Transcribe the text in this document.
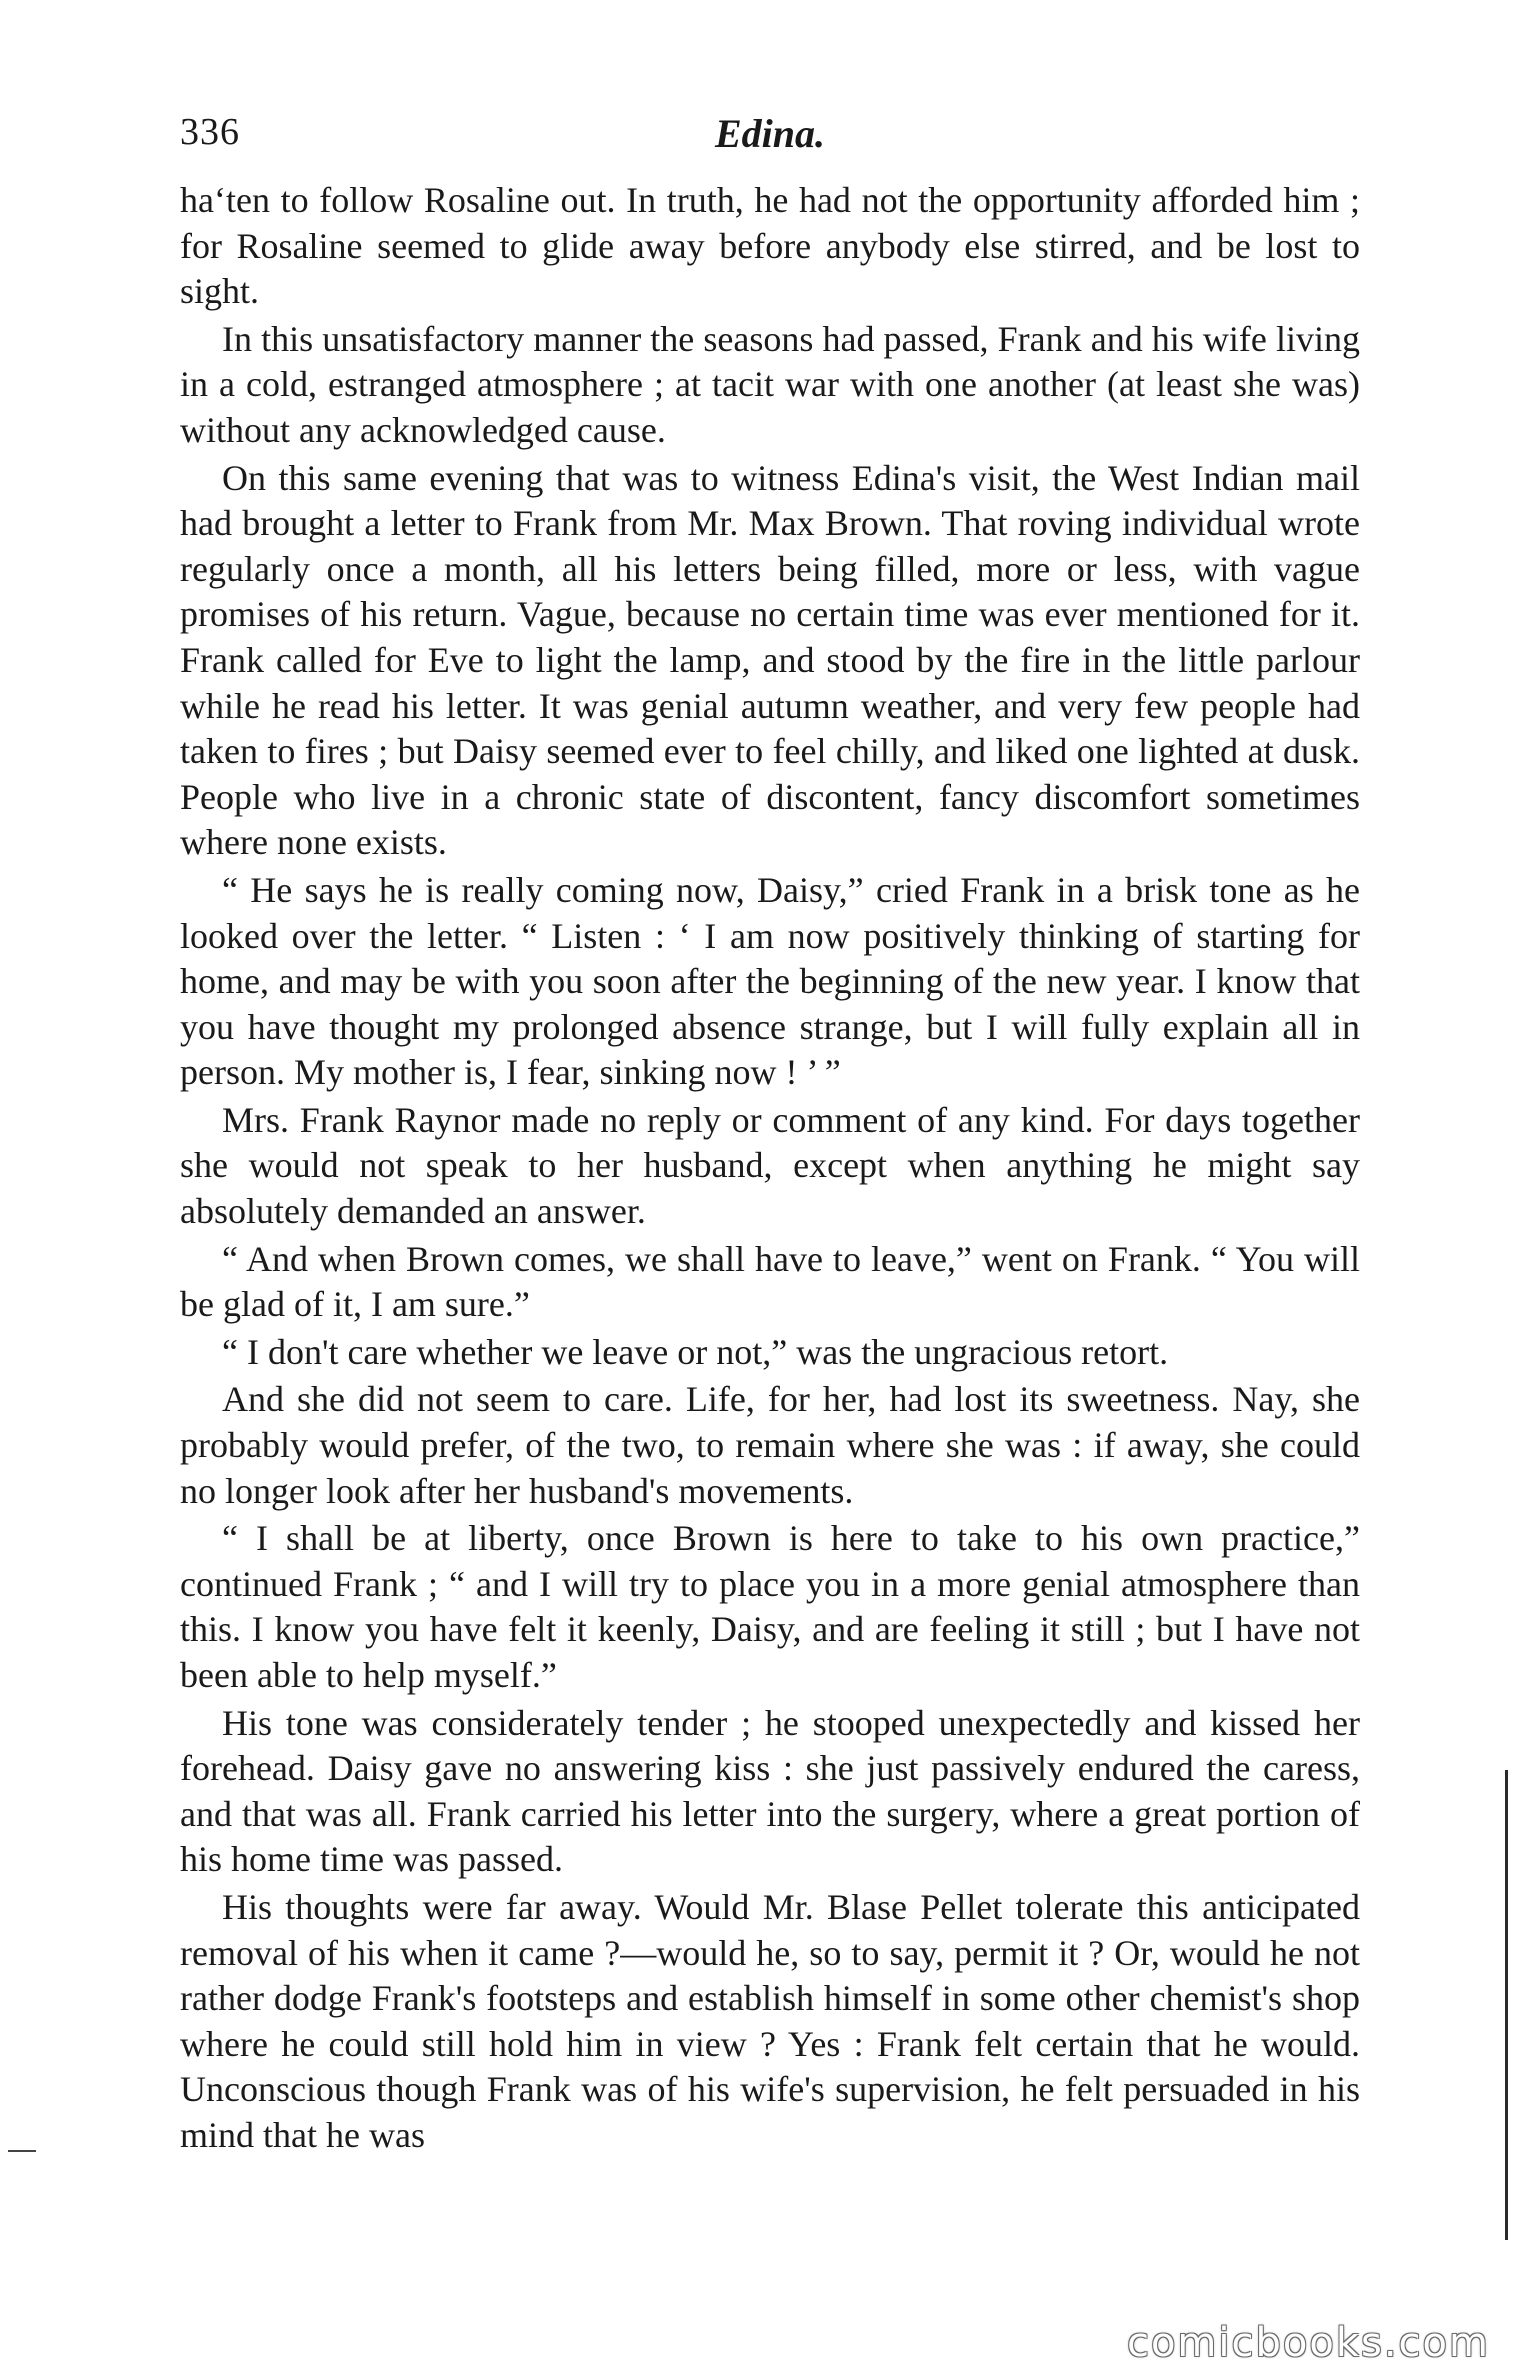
336	Edina.

haʻten to follow Rosaline out. In truth, he had not the opportunity afforded him ; for Rosaline seemed to glide away before anybody else stirred, and be lost to sight.

In this unsatisfactory manner the seasons had passed, Frank and his wife living in a cold, estranged atmosphere ; at tacit war with one another (at least she was) without any acknowledged cause.

On this same evening that was to witness Edina's visit, the West Indian mail had brought a letter to Frank from Mr. Max Brown. That roving individual wrote regularly once a month, all his letters being filled, more or less, with vague promises of his return. Vague, because no certain time was ever mentioned for it. Frank called for Eve to light the lamp, and stood by the fire in the little parlour while he read his letter. It was genial autumn weather, and very few people had taken to fires ; but Daisy seemed ever to feel chilly, and liked one lighted at dusk. People who live in a chronic state of discontent, fancy discomfort sometimes where none exists.

“ He says he is really coming now, Daisy,” cried Frank in a brisk tone as he looked over the letter. “ Listen : ‘ I am now positively thinking of starting for home, and may be with you soon after the beginning of the new year. I know that you have thought my prolonged absence strange, but I will fully explain all in person. My mother is, I fear, sinking now ! ’ ”

Mrs. Frank Raynor made no reply or comment of any kind. For days together she would not speak to her husband, except when anything he might say absolutely demanded an answer.

“ And when Brown comes, we shall have to leave,” went on Frank. “ You will be glad of it, I am sure.”

“ I don't care whether we leave or not,” was the ungracious retort.

And she did not seem to care. Life, for her, had lost its sweetness. Nay, she probably would prefer, of the two, to remain where she was : if away, she could no longer look after her husband's movements.

“ I shall be at liberty, once Brown is here to take to his own practice,” continued Frank ; “ and I will try to place you in a more genial atmosphere than this. I know you have felt it keenly, Daisy, and are feeling it still ; but I have not been able to help myself.”

His tone was considerately tender ; he stooped unexpectedly and kissed her forehead. Daisy gave no answering kiss : she just passively endured the caress, and that was all. Frank carried his letter into the surgery, where a great portion of his home time was passed.

His thoughts were far away. Would Mr. Blase Pellet tolerate this anticipated removal of his when it came ?—would he, so to say, permit it ? Or, would he not rather dodge Frank's footsteps and establish himself in some other chemist's shop where he could still hold him in view ? Yes : Frank felt certain that he would. Unconscious though Frank was of his wife's supervision, he felt persuaded in his mind that he was

comicbooks.com
